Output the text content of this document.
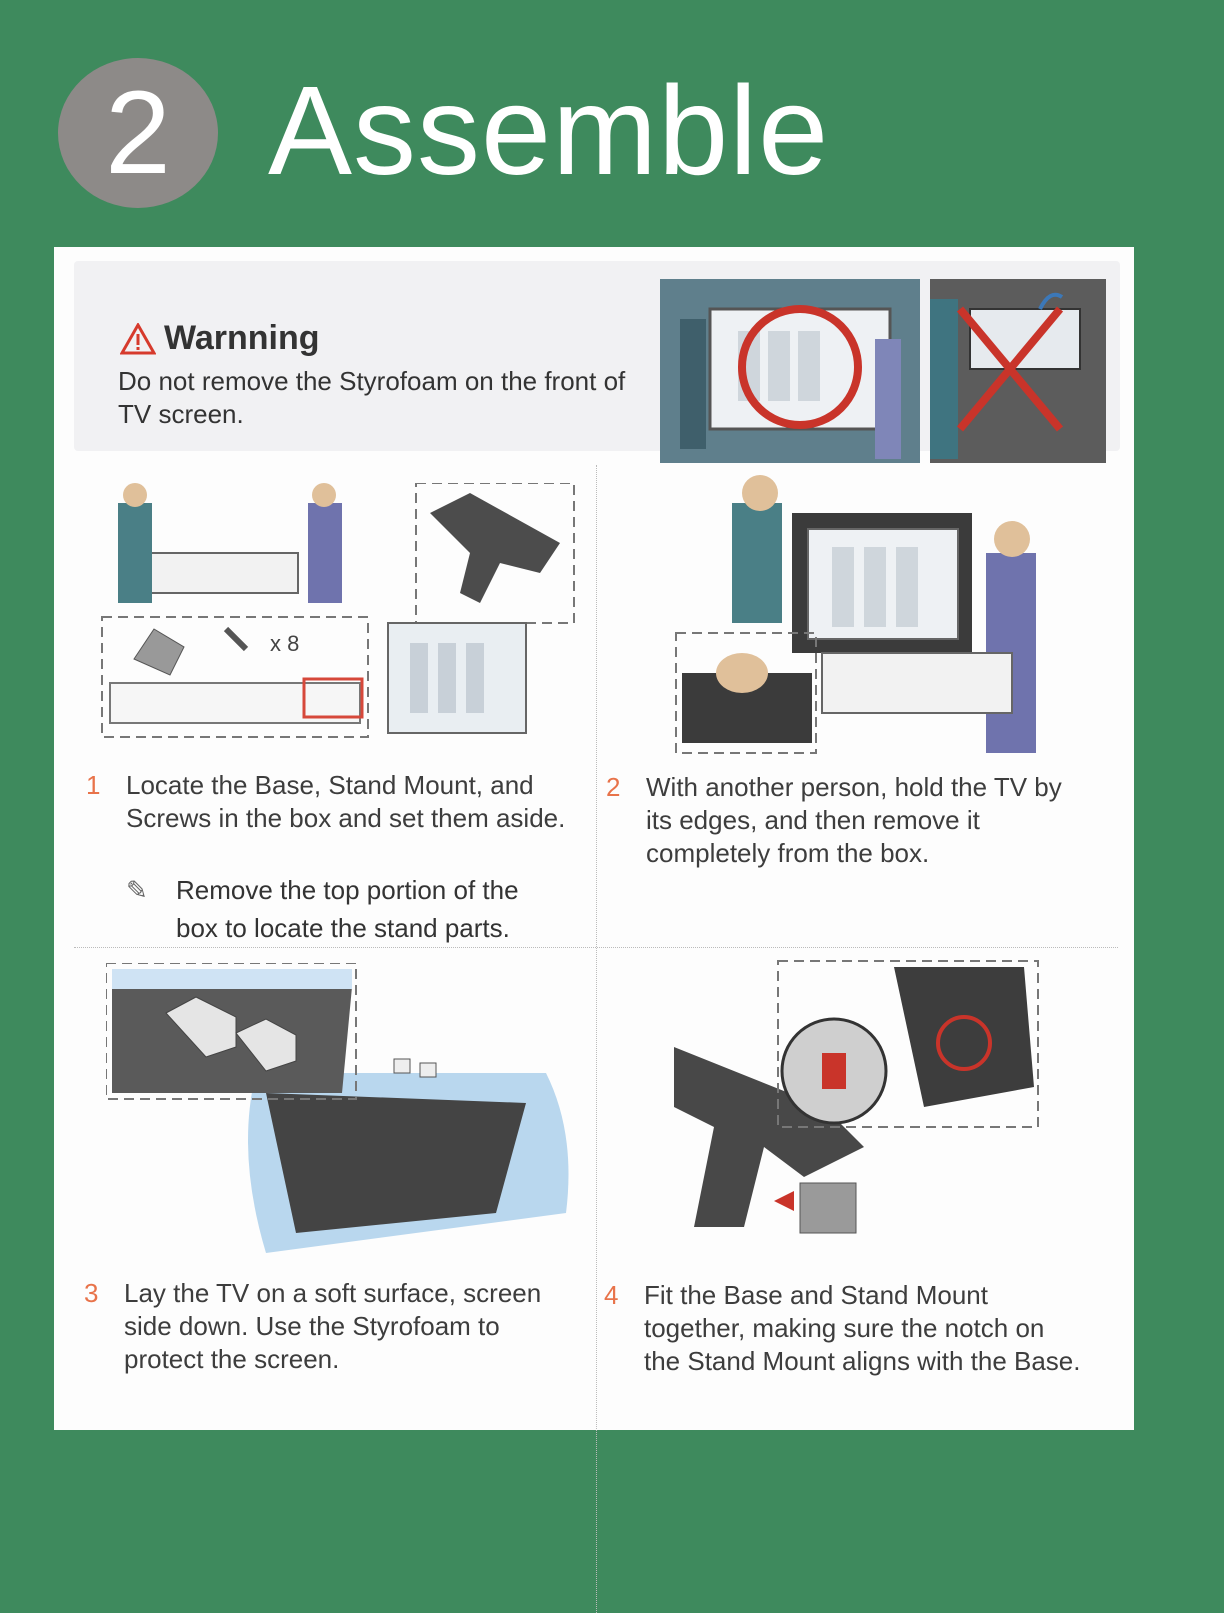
2 Assemble
Warnning
Do not remove the Styrofoam on the front of TV screen.
x 8
1 Locate the Base, Stand Mount, and Screws in the box and set them aside.
✎ Remove the top portion of the box to locate the stand parts.
2 With another person, hold the TV by its edges, and then remove it completely from the box.
3 Lay the TV on a soft surface, screen side down. Use the Styrofoam to protect the screen.
4 Fit the Base and Stand Mount together, making sure the notch on the Stand Mount aligns with the Base.
